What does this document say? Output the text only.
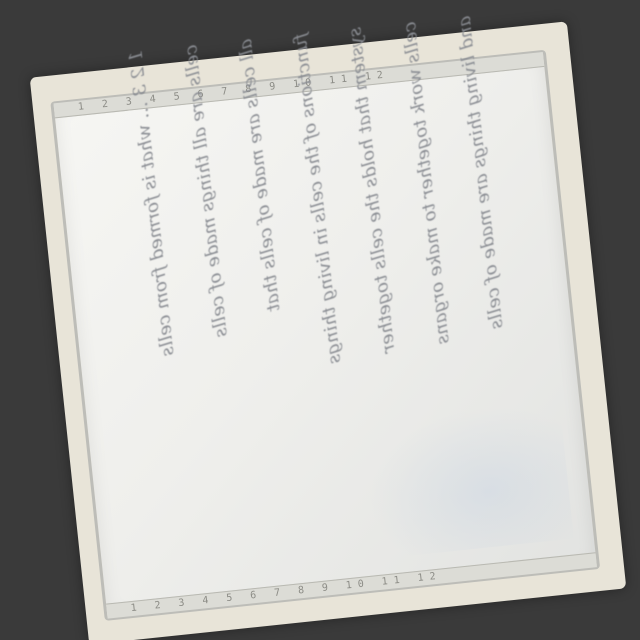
1 2 3 4 5 6 7 8 9 10 11 12
1 2 3 4 5 6 7 8 9 10 11 12
1 2 3 ... what is formed from cells cells are all things made of cells all cells are made of cells that functions of the cells in living things system that holds the cells together cells work together to make organs and living things are made of cells
